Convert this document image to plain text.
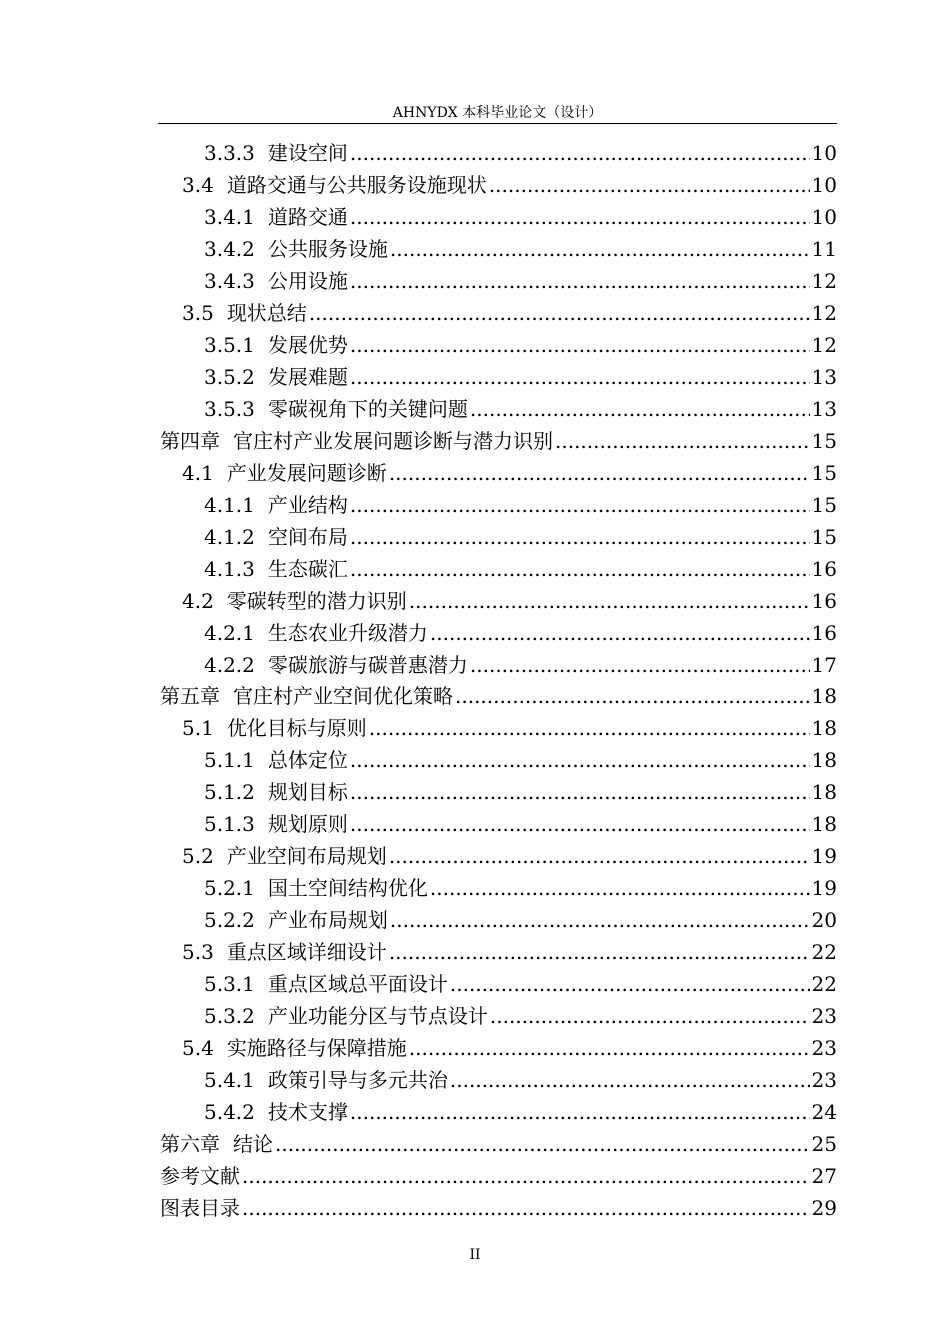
AHNYDX 本科毕业论文（设计）
3.3.3 建设空间 .....	10
3.4 道路交通与公共服务设施现状 .....	10
3.4.1 道路交通 .....	10
3.4.2 公共服务设施 .....	11
3.4.3 公用设施 .....	12
3.5 现状总结 .....	12
3.5.1 发展优势 .....	12
3.5.2 发展难题 .....	13
3.5.3 零碳视角下的关键问题 .....	13
第四章 官庄村产业发展问题诊断与潜力识别 .....	15
4.1 产业发展问题诊断 .....	15
4.1.1 产业结构 .....	15
4.1.2 空间布局 .....	15
4.1.3 生态碳汇 .....	16
4.2 零碳转型的潜力识别 .....	16
4.2.1 生态农业升级潜力 .....	16
4.2.2 零碳旅游与碳普惠潜力 .....	17
第五章 官庄村产业空间优化策略 .....	18
5.1 优化目标与原则 .....	18
5.1.1 总体定位 .....	18
5.1.2 规划目标 .....	18
5.1.3 规划原则 .....	18
5.2 产业空间布局规划 .....	19
5.2.1 国土空间结构优化 .....	19
5.2.2 产业布局规划 .....	20
5.3 重点区域详细设计 .....	22
5.3.1 重点区域总平面设计 .....	22
5.3.2 产业功能分区与节点设计 .....	23
5.4 实施路径与保障措施 .....	23
5.4.1 政策引导与多元共治 .....	23
5.4.2 技术支撑 .....	24
第六章 结论 .....	25
参考文献 .....	27
图表目录 .....	29
II
